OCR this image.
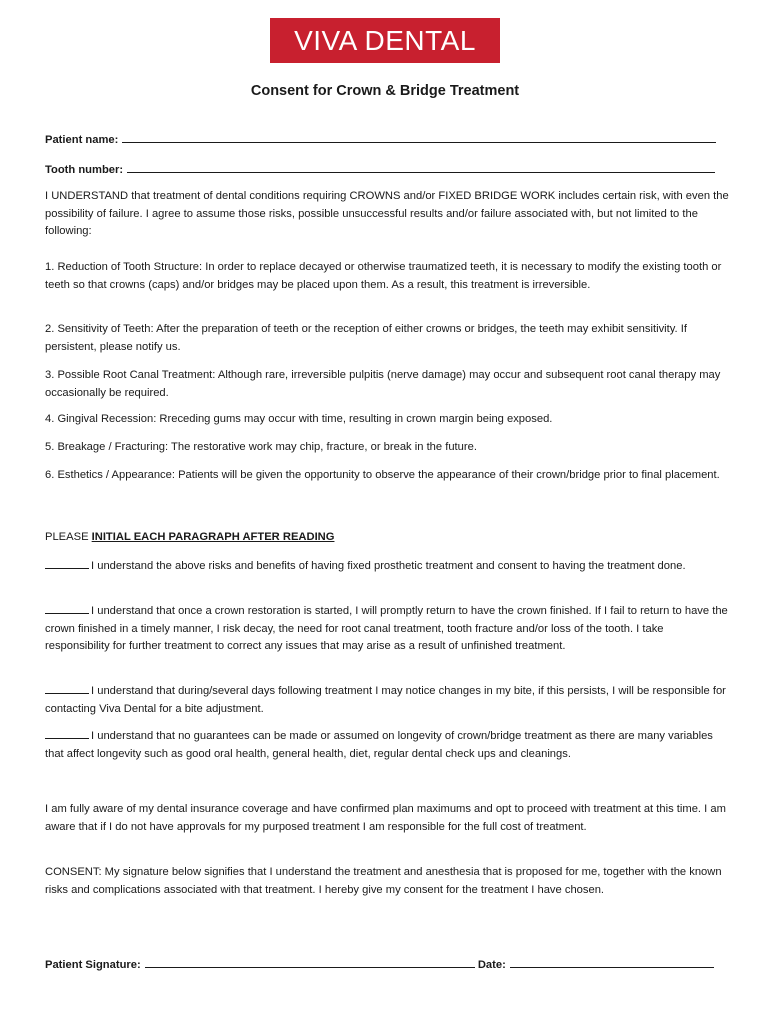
VIVA DENTAL
Consent for Crown & Bridge Treatment
Patient name:
Tooth number:
I UNDERSTAND that treatment of dental conditions requiring CROWNS and/or FIXED BRIDGE WORK includes certain risk, with even the possibility of failure. I agree to assume those risks, possible unsuccessful results and/or failure associated with, but not limited to the following:
1. Reduction of Tooth Structure: In order to replace decayed or otherwise traumatized teeth, it is necessary to modify the existing tooth or teeth so that crowns (caps) and/or bridges may be placed upon them. As a result, this treatment is irreversible.
2. Sensitivity of Teeth: After the preparation of teeth or the reception of either crowns or bridges, the teeth may exhibit sensitivity. If persistent, please notify us.
3. Possible Root Canal Treatment: Although rare, irreversible pulpitis (nerve damage) may occur and subsequent root canal therapy may occasionally be required.
4. Gingival Recession: Rreceding gums may occur with time, resulting in crown margin being exposed.
5. Breakage / Fracturing: The restorative work may chip, fracture, or break in the future.
6. Esthetics / Appearance: Patients will be given the opportunity to observe the appearance of their crown/bridge prior to final placement.
PLEASE INITIAL EACH PARAGRAPH AFTER READING
I understand the above risks and benefits of having fixed prosthetic treatment and consent to having the treatment done.
I understand that once a crown restoration is started, I will promptly return to have the crown finished. If I fail to return to have the crown finished in a timely manner, I risk decay, the need for root canal treatment, tooth fracture and/or loss of the tooth. I take responsibility for further treatment to correct any issues that may arise as a result of unfinished treatment.
I understand that during/several days following treatment I may notice changes in my bite, if this persists, I will be responsible for contacting Viva Dental for a bite adjustment.
I understand that no guarantees can be made or assumed on longevity of crown/bridge treatment as there are many variables that affect longevity such as good oral health, general health, diet, regular dental check ups and cleanings.
I am fully aware of my dental insurance coverage and have confirmed plan maximums and opt to proceed with treatment at this time. I am aware that if I do not have approvals for my purposed treatment I am responsible for the full cost of treatment.
CONSENT: My signature below signifies that I understand the treatment and anesthesia that is proposed for me, together with the known risks and complications associated with that treatment. I hereby give my consent for the treatment I have chosen.
Patient Signature:	Date:
